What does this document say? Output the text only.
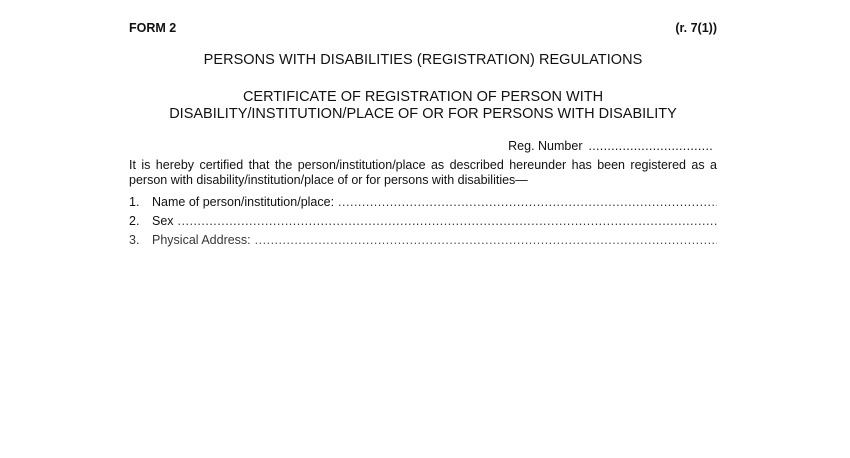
FORM 2	(r. 7(1))
PERSONS WITH DISABILITIES (REGISTRATION) REGULATIONS
CERTIFICATE OF REGISTRATION OF PERSON WITH
DISABILITY/INSTITUTION/PLACE OF OR FOR PERSONS WITH DISABILITY
Reg. Number .................................
It is hereby certified that the person/institution/place as described hereunder has been registered as a person with disability/institution/place of or for persons with disabilities—
1.	Name of person/institution/place:
.....
2.	Sex
.....
3.	Physical Address:
.....
